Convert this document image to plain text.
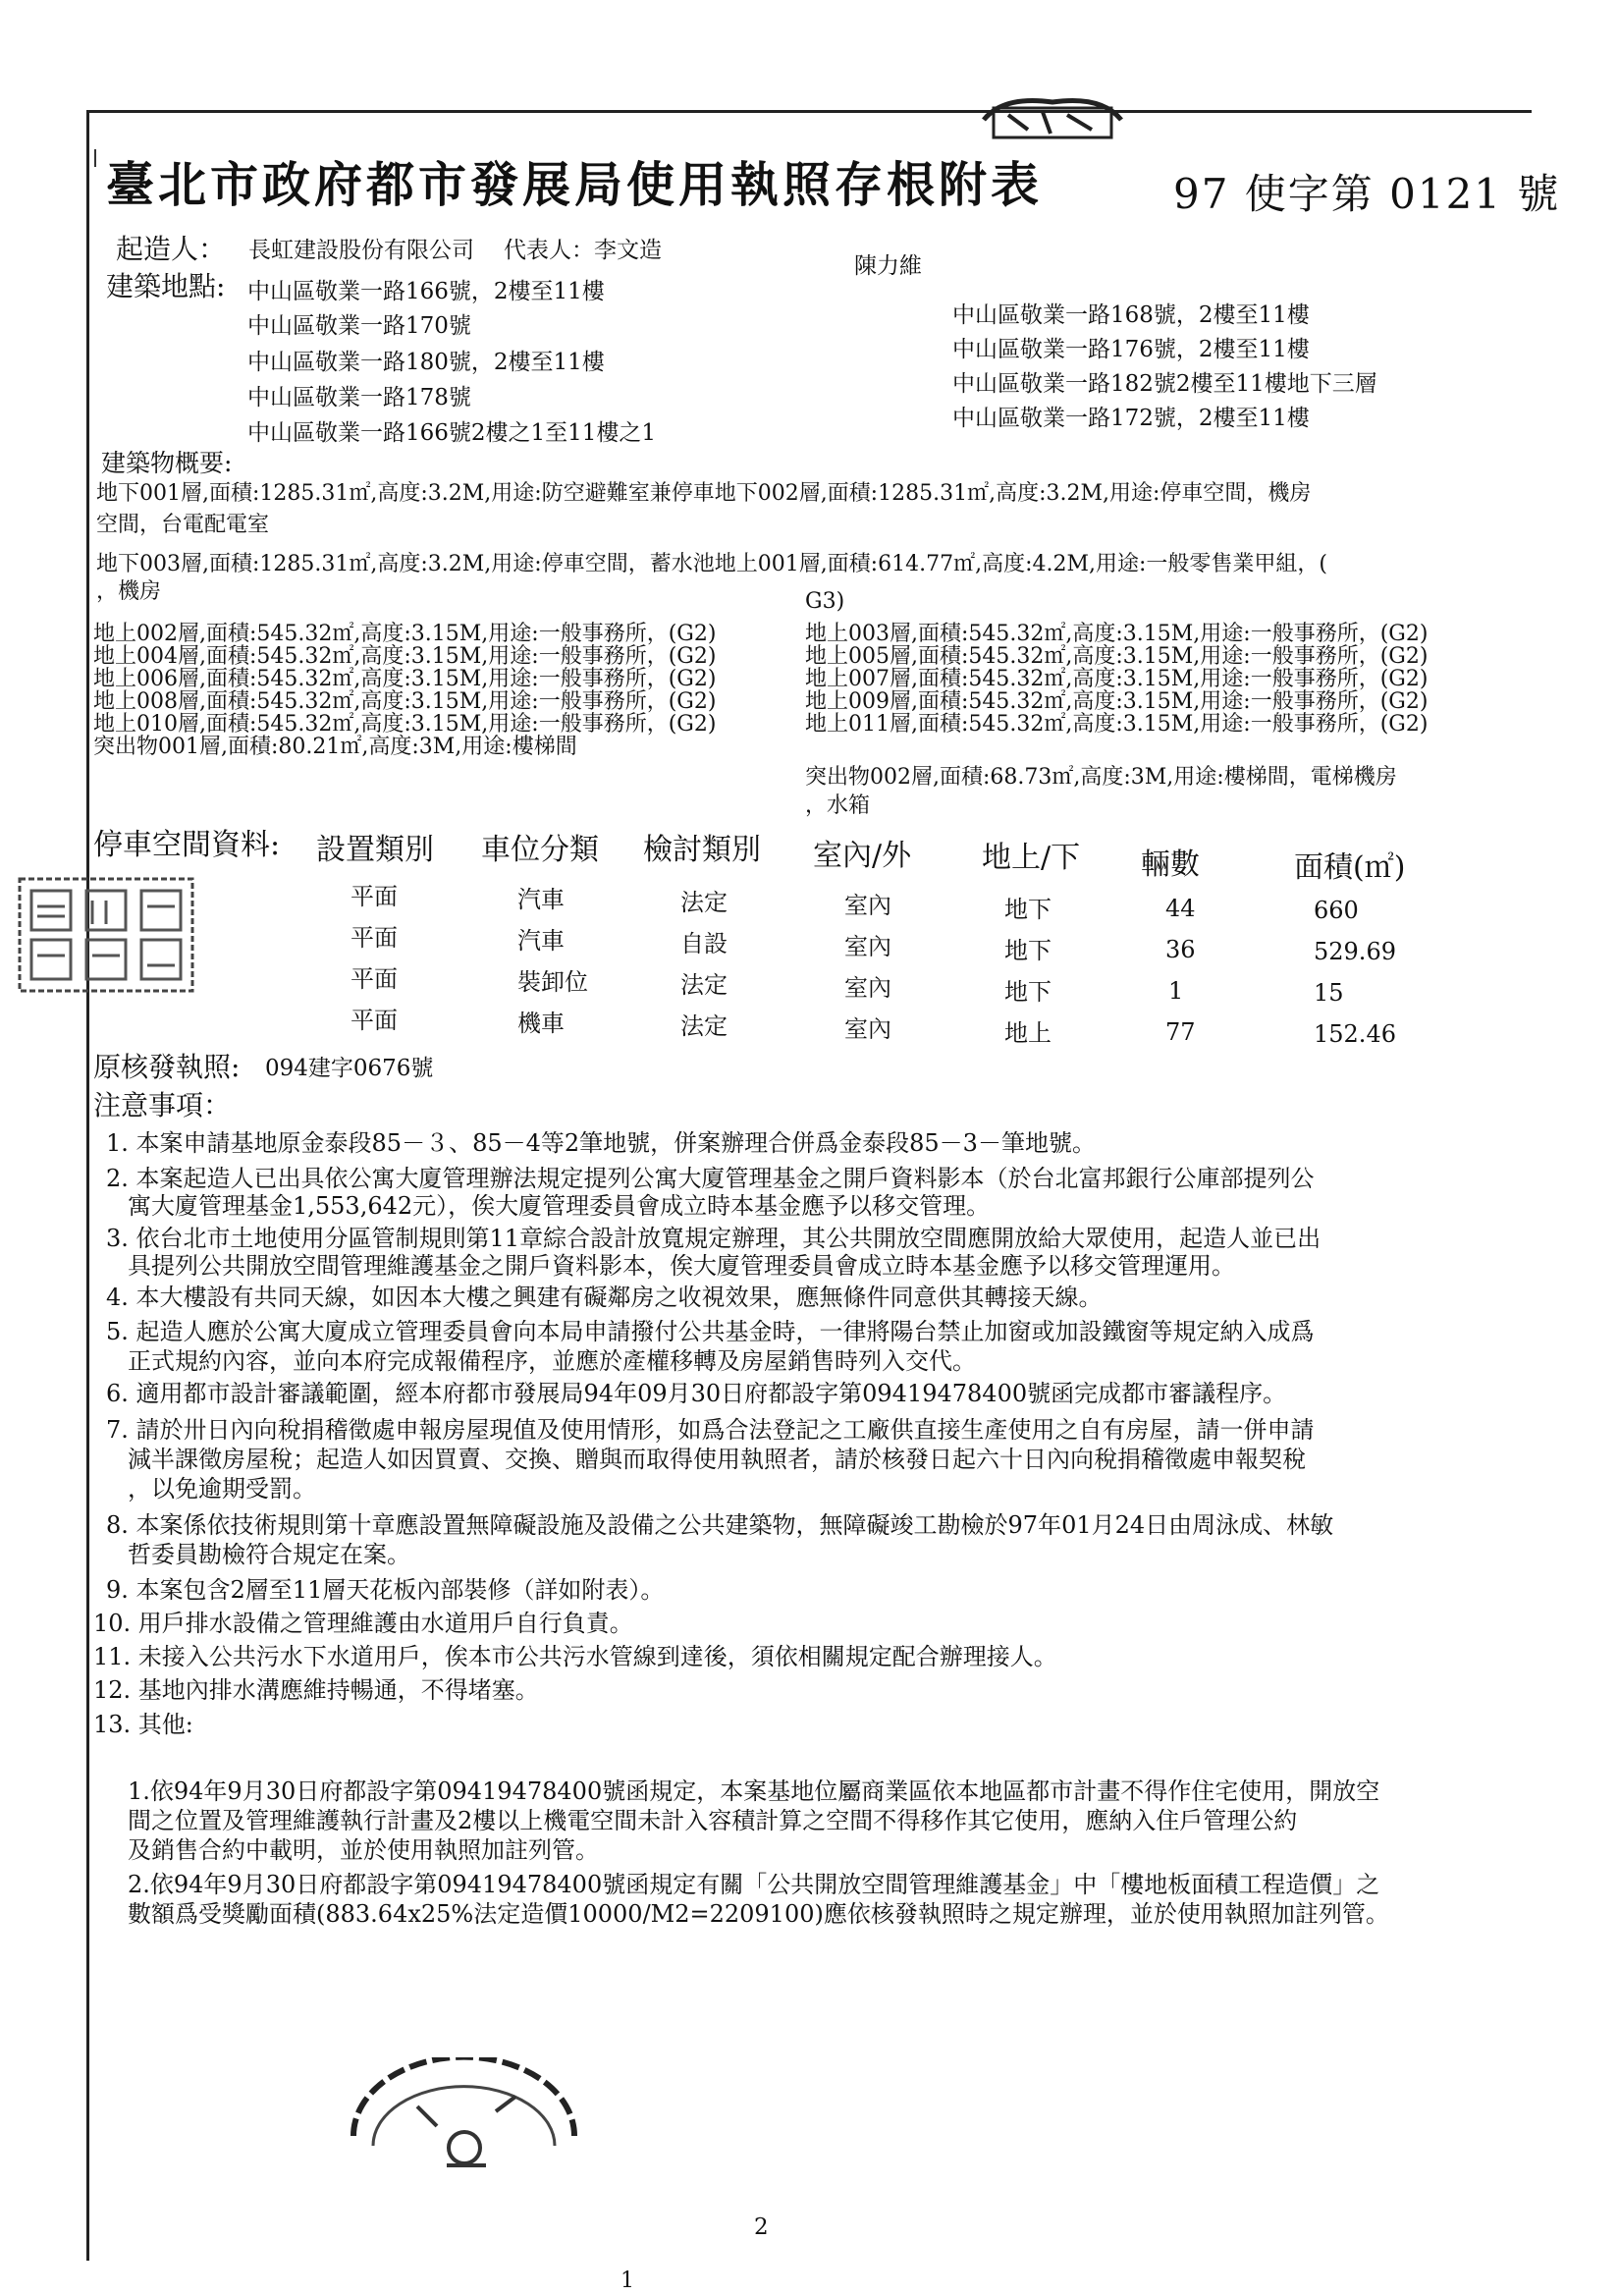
臺北市政府都市發展局使用執照存根附表	97 使字第 0121 號
起造人： 長虹建設股份有限公司 代表人：李文造
陳力維
建築地點: 中山區敬業一路166號，2樓至11樓
中山區敬業一路170號
中山區敬業一路180號，2樓至11樓
中山區敬業一路178號
中山區敬業一路166號2樓之1至11樓之1
中山區敬業一路168號，2樓至11樓
中山區敬業一路176號，2樓至11樓
中山區敬業一路182號2樓至11樓地下三層
中山區敬業一路172號，2樓至11樓
建築物概要:
地下001層,面積:1285.31㎡,高度:3.2M,用途:防空避難室兼停車地下002層,面積:1285.31㎡,高度:3.2M,用途:停車空間，機房
空間，台電配電室
地下003層,面積:1285.31㎡,高度:3.2M,用途:停車空間，蓄水池地上001層,面積:614.77㎡,高度:4.2M,用途:一般零售業甲組，(
，機房	G3)
地上002層,面積:545.32㎡,高度:3.15M,用途:一般事務所，(G2)
地上004層,面積:545.32㎡,高度:3.15M,用途:一般事務所，(G2)
地上006層,面積:545.32㎡,高度:3.15M,用途:一般事務所，(G2)
地上008層,面積:545.32㎡,高度:3.15M,用途:一般事務所，(G2)
地上010層,面積:545.32㎡,高度:3.15M,用途:一般事務所，(G2)
突出物001層,面積:80.21㎡,高度:3M,用途:樓梯間
地上003層,面積:545.32㎡,高度:3.15M,用途:一般事務所，(G2)
地上005層,面積:545.32㎡,高度:3.15M,用途:一般事務所，(G2)
地上007層,面積:545.32㎡,高度:3.15M,用途:一般事務所，(G2)
地上009層,面積:545.32㎡,高度:3.15M,用途:一般事務所，(G2)
地上011層,面積:545.32㎡,高度:3.15M,用途:一般事務所，(G2)
突出物002層,面積:68.73㎡,高度:3M,用途:樓梯間，電梯機房
，水箱
停車空間資料: 設置類別 車位分類 檢討類別 室內/外 地上/下 輛數	面積(㎡)
平面	汽車	法定	室內	地下	44	660
平面	汽車	自設	室內	地下	36	529.69
平面	裝卸位	法定	室內	地下	1	15
平面	機車	法定	室內	地上	77	152.46
原核發執照: 094建字0676號
注意事項：
1. 本案申請基地原金泰段85－３、85－4等2筆地號，併案辦理合併爲金泰段85－3－筆地號。
2. 本案起造人已出具依公寓大廈管理辦法規定提列公寓大廈管理基金之開戶資料影本（於台北富邦銀行公庫部提列公
寓大廈管理基金1,553,642元），俟大廈管理委員會成立時本基金應予以移交管理。
3. 依台北市土地使用分區管制規則第11章綜合設計放寬規定辦理，其公共開放空間應開放給大眾使用，起造人並已出
具提列公共開放空間管理維護基金之開戶資料影本，俟大廈管理委員會成立時本基金應予以移交管理運用。
4. 本大樓設有共同天線，如因本大樓之興建有礙鄰房之收視效果，應無條件同意供其轉接天線。
5. 起造人應於公寓大廈成立管理委員會向本局申請撥付公共基金時，一律將陽台禁止加窗或加設鐵窗等規定納入成爲
正式規約內容，並向本府完成報備程序，並應於產權移轉及房屋銷售時列入交代。
6. 適用都市設計審議範圍，經本府都市發展局94年09月30日府都設字第09419478400號函完成都市審議程序。
7. 請於卅日內向稅捐稽徵處申報房屋現值及使用情形，如爲合法登記之工廠供直接生產使用之自有房屋，請一併申請
減半課徵房屋稅；起造人如因買賣、交換、贈與而取得使用執照者，請於核發日起六十日內向稅捐稽徵處申報契稅
，以免逾期受罰。
8. 本案係依技術規則第十章應設置無障礙設施及設備之公共建築物，無障礙竣工勘檢於97年01月24日由周泳成、林敏
哲委員勘檢符合規定在案。
9. 本案包含2層至11層天花板內部裝修（詳如附表）。
10. 用戶排水設備之管理維護由水道用戶自行負責。
11. 未接入公共污水下水道用戶，俟本市公共污水管線到達後，須依相關規定配合辦理接人。
12. 基地內排水溝應維持暢通，不得堵塞。
13. 其他:
1.依94年9月30日府都設字第09419478400號函規定，本案基地位屬商業區依本地區都市計畫不得作住宅使用，開放空
間之位置及管理維護執行計畫及2樓以上機電空間未計入容積計算之空間不得移作其它使用，應納入住戶管理公約
及銷售合約中載明，並於使用執照加註列管。
2.依94年9月30日府都設字第09419478400號函規定有關「公共開放空間管理維護基金」中「樓地板面積工程造價」之
數額爲受獎勵面積(883.64x25%法定造價10000/M2=2209100)應依核發執照時之規定辦理，並於使用執照加註列管。
2
1
